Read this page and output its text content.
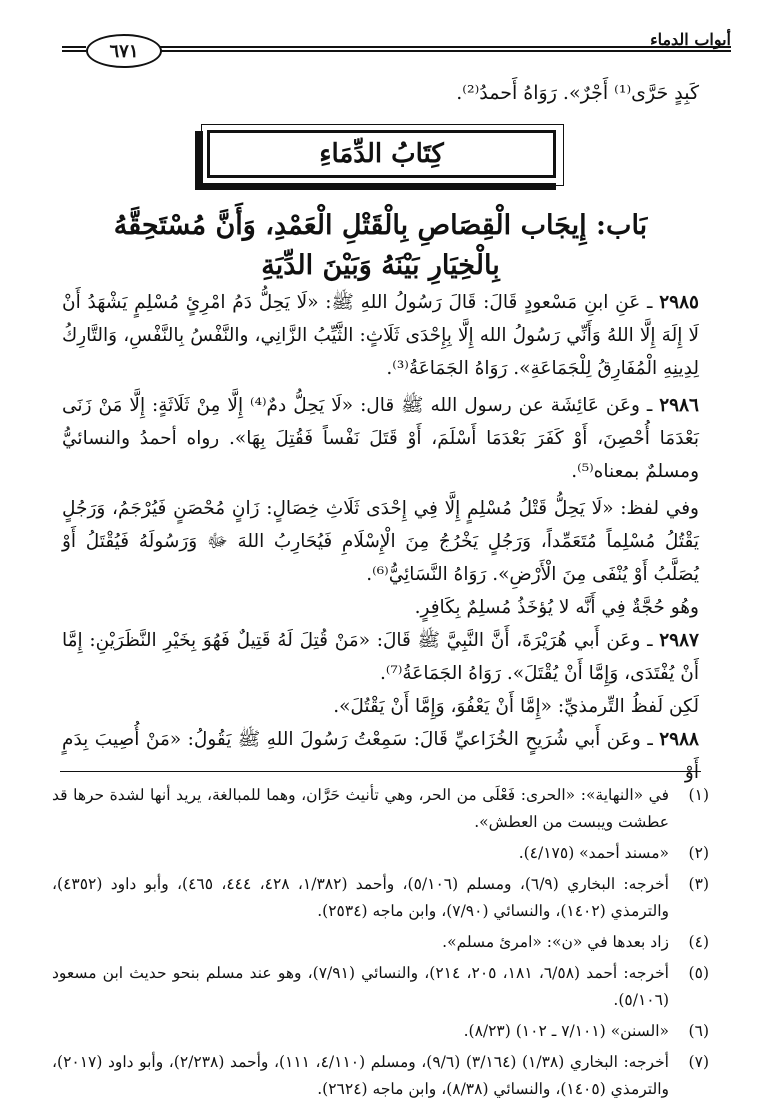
أبواب الدماء
٦٧١
كَبِدٍ حَرَّى⁽¹⁾ أَجْرٌ». رَوَاهُ أَحمدُ⁽²⁾.
كِتَابُ الدِّمَاءِ
بَاب: إِيجَاب الْقِصَاصِ بِالْقَتْلِ الْعَمْدِ، وَأَنَّ مُسْتَحِقَّهُ بِالْخِيَارِ بَيْنَهُ وَبَيْنَ الدِّيَةِ

٢٩٨٥ ـ عَنِ ابنِ مَسْعودٍ قَالَ: قَالَ رَسُولُ اللهِ ﷺ: «لَا يَحِلُّ دَمُ امْرِئٍ مُسْلِمٍ يَشْهَدُ أَنْ لَا إِلَهَ إِلَّا اللهُ وَأَنِّي رَسُولُ الله إِلَّا بِإِحْدَى ثَلَاثٍ: الثَّيِّبُ الزَّانِي، والنَّفْسُ بِالنَّفْسِ، وَالتَّارِكُ لِدِينِهِ الْمُفَارِقُ لِلْجَمَاعَةِ». رَوَاهُ الجَمَاعَةُ⁽³⁾.

٢٩٨٦ ـ وعَن عَائِشَة عن رسول الله ﷺ قال: «لَا يَحِلُّ دمٌ⁽⁴⁾ إِلَّا مِنْ ثَلَاثَةٍ: إِلَّا مَنْ زَنَى بَعْدَمَا أُحْصِنَ، أَوْ كَفَرَ بَعْدَمَا أَسْلَمَ، أَوْ قَتَلَ نَفْساً فَقُتِلَ بِهَا». رواه أحمدُ والنسائيُّ ومسلمٌ بمعناه⁽⁵⁾.

وفي لفظ: «لَا يَحِلُّ قَتْلُ مُسْلِمٍ إِلَّا فِي إِحْدَى ثَلَاثِ خِصَالٍ: زَانٍ مُحْصَنٍ فَيُرْجَمُ، وَرَجُلٍ يَقْتُلُ مُسْلِماً مُتَعَمِّداً، وَرَجُلٍ يَخْرُجُ مِنَ الْإِسْلَامِ فَيُحَارِبُ اللهَ ﷻ وَرَسُولَهُ فَيُقْتَلُ أَوْ يُصَلَّبُ أَوْ يُنْفَى مِنَ الْأَرْضِ». رَوَاهُ النَّسَائِيُّ⁽⁶⁾.

وهُو حُجَّةٌ فِي أَنَّه لا يُؤخَذُ مُسلِمٌ بِكَافِرٍ.

٢٩٨٧ ـ وعَن أَبي هُرَيْرَةَ، أَنَّ النَّبِيَّ ﷺ قَالَ: «مَنْ قُتِلَ لَهُ قَتِيلٌ فَهُوَ بِخَيْرِ النَّظَرَيْنِ: إِمَّا أَنْ يُفْتَدَى، وَإِمَّا أَنْ يُقْتَلَ». رَوَاهُ الجَمَاعَةُ⁽⁷⁾.

لَكِن لَفظُ التِّرمذيِّ: «إِمَّا أَنْ يَعْفُوَ، وَإِمَّا أَنْ يَقْتُلَ».

٢٩٨٨ ـ وعَن أَبي شُرَيحٍ الخُزَاعيِّ قَالَ: سَمِعْتُ رَسُولَ اللهِ ﷺ يَقُولُ: «مَنْ أُصِيبَ بِدَمٍ أَوْ

(١)
في «النهاية»: «الحرى: فَعْلَى من الحر، وهي تأنيث حَرَّان، وهما للمبالغة، يريد أنها لشدة حرها قد عطشت ويبست من العطش».
(٢)
«مسند أحمد» (٤/١٧٥).
(٣)
أخرجه: البخاري (٦/٩)، ومسلم (٥/١٠٦)، وأحمد (١/٣٨٢، ٤٢٨، ٤٤٤، ٤٦٥)، وأبو داود (٤٣٥٢)، والترمذي (١٤٠٢)، والنسائي (٧/٩٠)، وابن ماجه (٢٥٣٤).
(٤)
زاد بعدها في «ن»: «امرئ مسلم».
(٥)
أخرجه: أحمد (٦/٥٨، ١٨١، ٢٠٥، ٢١٤)، والنسائي (٧/٩١)، وهو عند مسلم بنحو حديث ابن مسعود (٥/١٠٦).
(٦)
«السنن» (٧/١٠١ ـ ١٠٢) (٨/٢٣).
(٧)
أخرجه: البخاري (١/٣٨) (٣/١٦٤) (٩/٦)، ومسلم (٤/١١٠، ١١١)، وأحمد (٢/٢٣٨)، وأبو داود (٢٠١٧)، والترمذي (١٤٠٥)، والنسائي (٨/٣٨)، وابن ماجه (٢٦٢٤).
